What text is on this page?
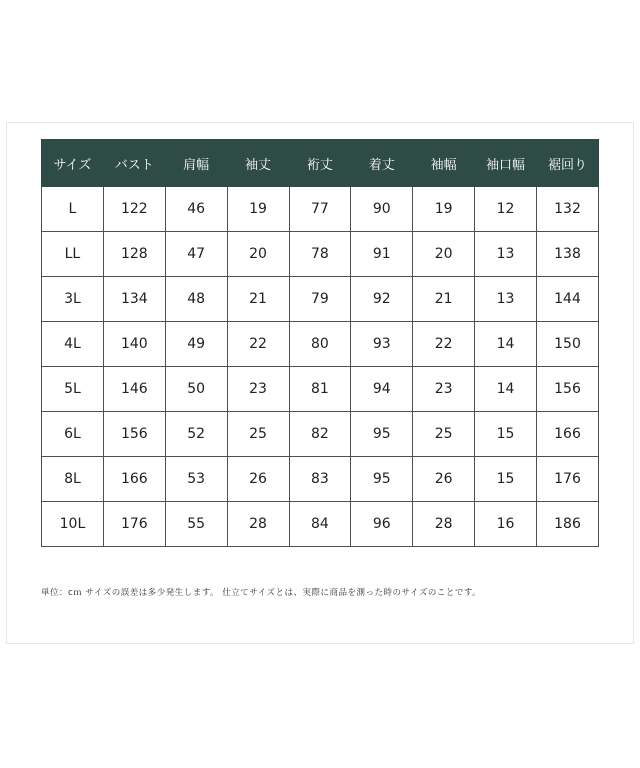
サイズ	バスト	肩幅	袖丈	裄丈	着丈	袖幅	袖口幅	裾回り
L	122	46	19	77	90	19	12	132
LL	128	47	20	78	91	20	13	138
3L	134	48	21	79	92	21	13	144
4L	140	49	22	80	93	22	14	150
5L	146	50	23	81	94	23	14	156
6L	156	52	25	82	95	25	15	166
8L	166	53	26	83	95	26	15	176
10L	176	55	28	84	96	28	16	186
単位：cｍ サイズの誤差は多少発生します。 仕立てサイズとは、実際に商品を測った時のサイズのことです。
